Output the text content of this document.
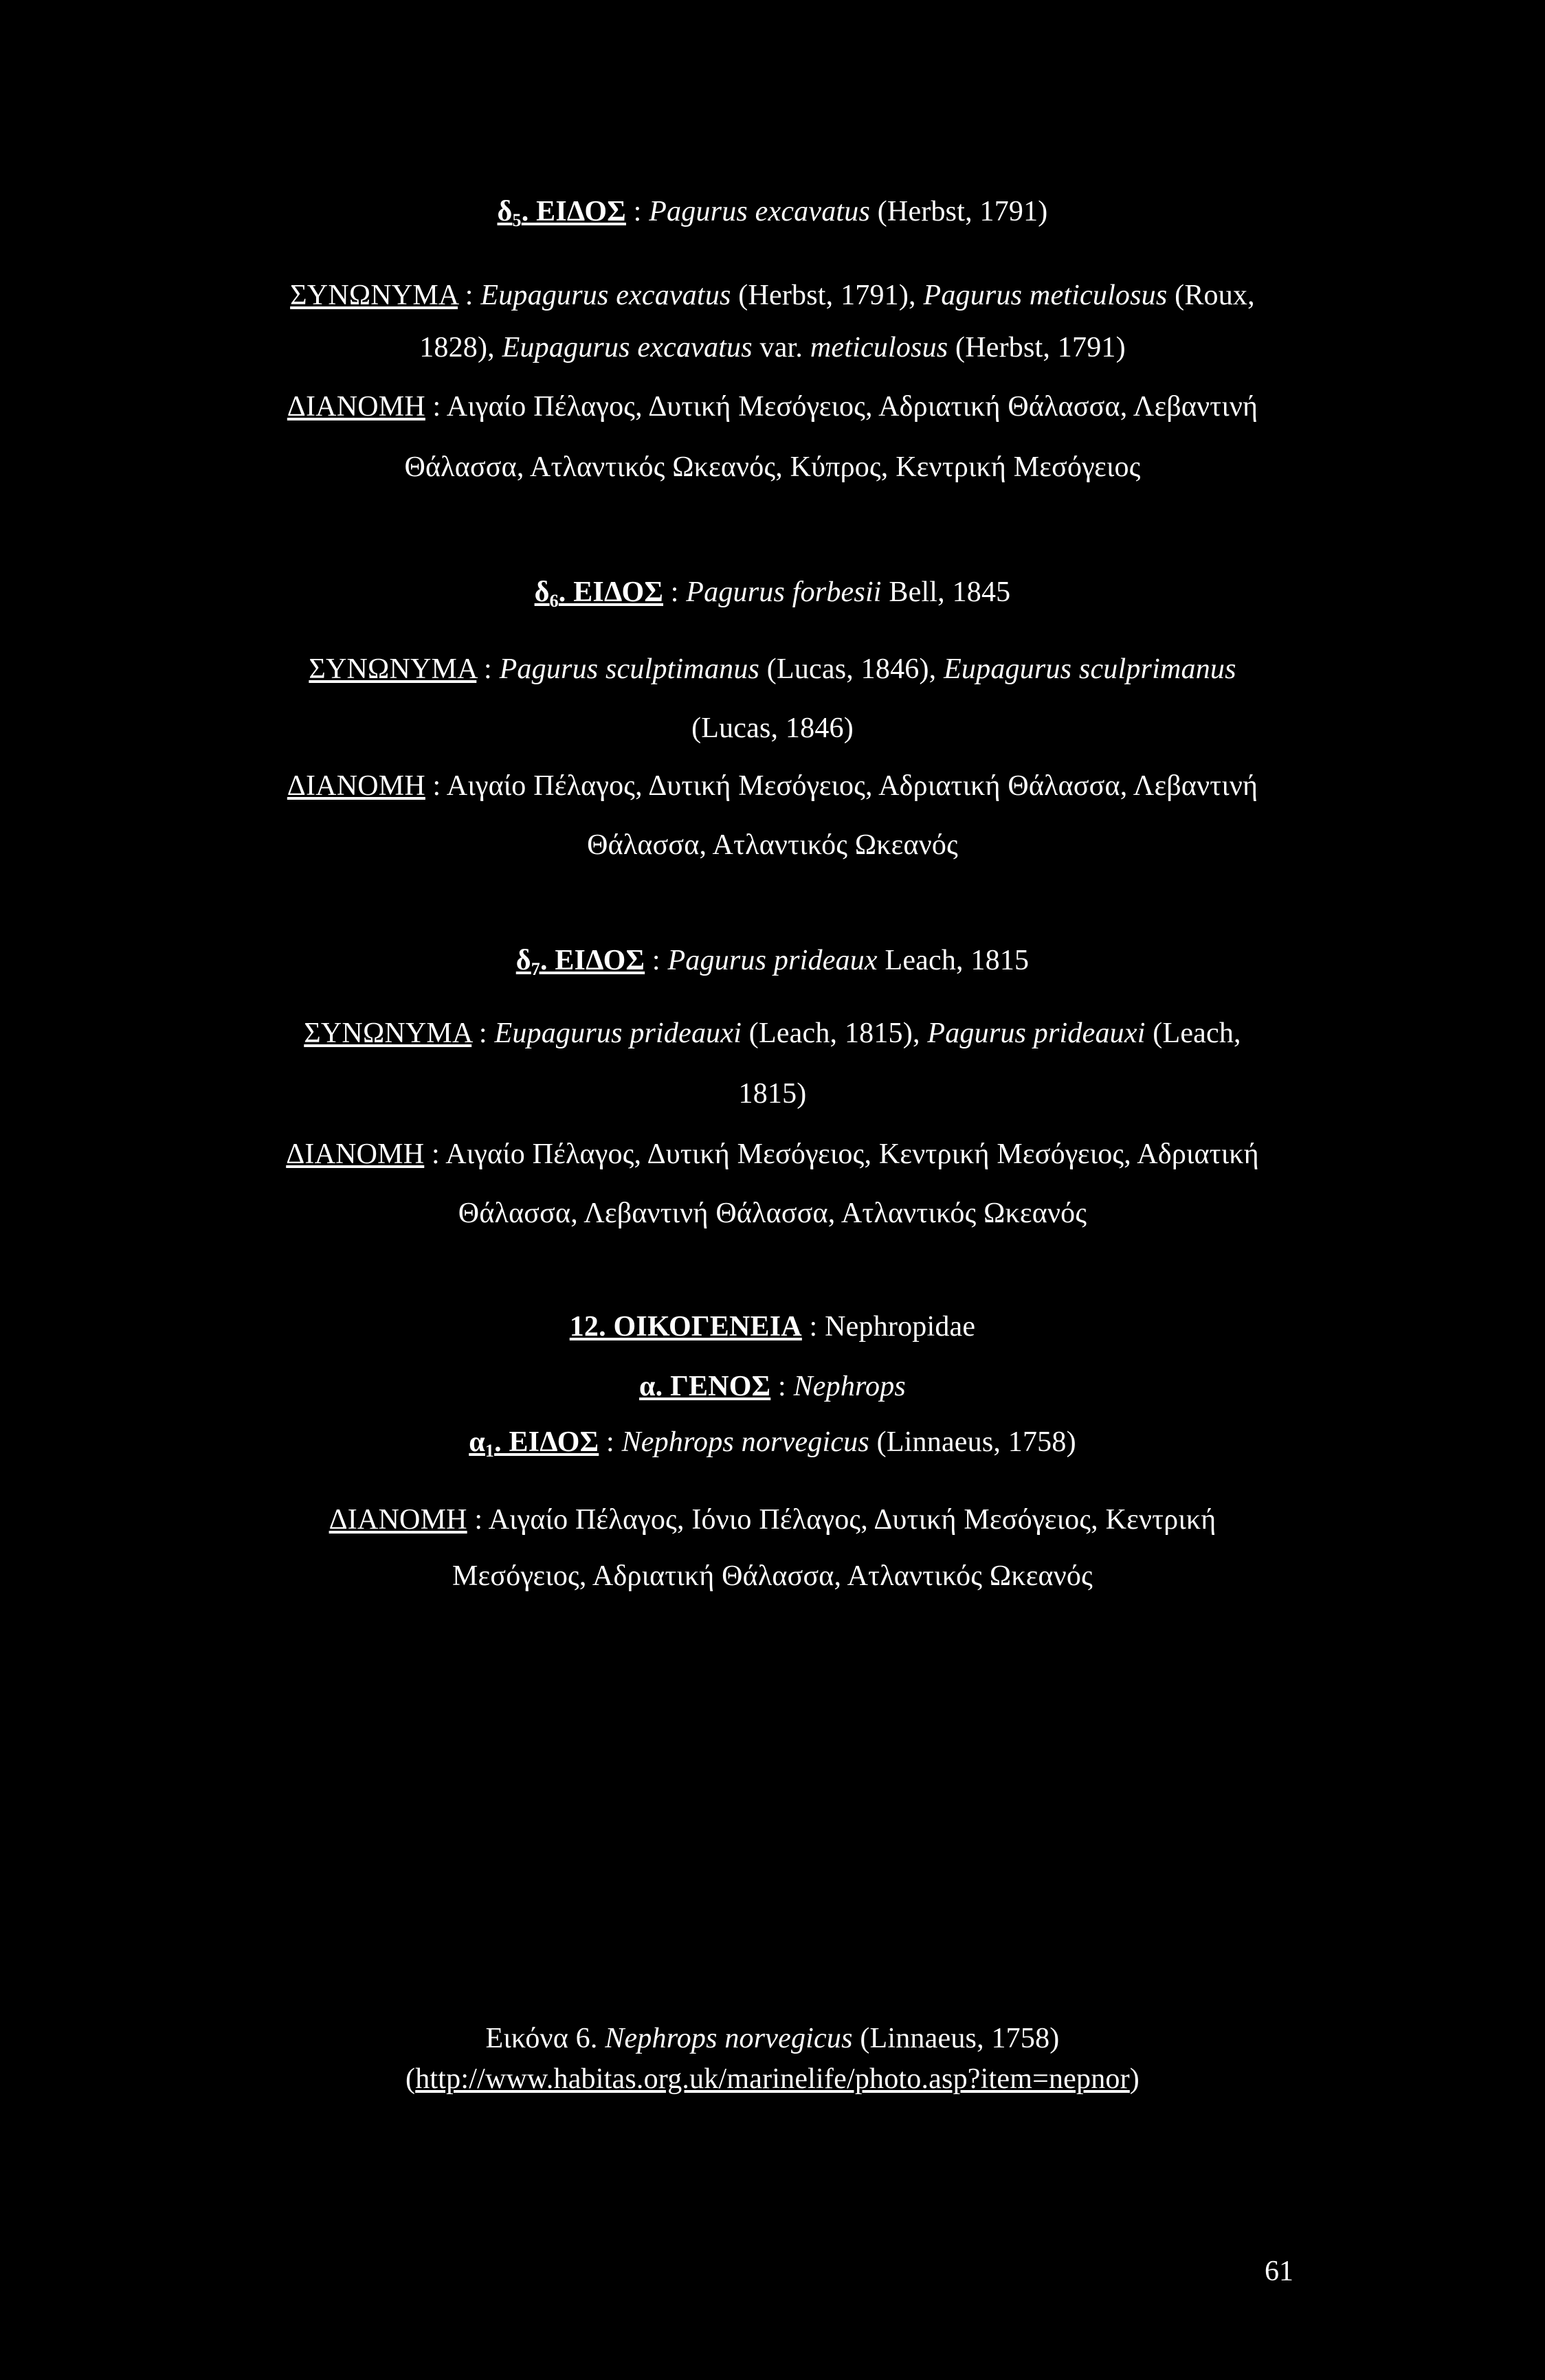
$\delta_5$. ΕΙΔΟΣ : Pagurus excavatus (Herbst, 1791)
ΣΥΝΩΝΥΜΑ : Eupagurus excavatus (Herbst, 1791), Pagurus meticulosus (Roux,
1828), Eupagurus excavatus var. meticulosus (Herbst, 1791)
ΔΙΑΝΟΜΗ : Αιγαίο Πέλαγος, Δυτική Μεσόγειος, Αδριατική Θάλασσα, Λεβαντινή
Θάλασσα, Ατλαντικός Ωκεανός, Κύπρος, Κεντρική Μεσόγειος
$\delta_6$. ΕΙΔΟΣ : Pagurus forbesii Bell, 1845
ΣΥΝΩΝΥΜΑ : Pagurus sculptimanus (Lucas, 1846), Eupagurus sculprimanus
(Lucas, 1846)
ΔΙΑΝΟΜΗ : Αιγαίο Πέλαγος, Δυτική Μεσόγειος, Αδριατική Θάλασσα, Λεβαντινή
Θάλασσα, Ατλαντικός Ωκεανός
$\delta_7$. ΕΙΔΟΣ : Pagurus prideaux Leach, 1815
ΣΥΝΩΝΥΜΑ : Eupagurus prideauxi (Leach, 1815), Pagurus prideauxi (Leach,
1815)
ΔΙΑΝΟΜΗ : Αιγαίο Πέλαγος, Δυτική Μεσόγειος, Κεντρική Μεσόγειος, Αδριατική
Θάλασσα, Λεβαντινή Θάλασσα, Ατλαντικός Ωκεανός
12. ΟΙΚΟΓΕΝΕΙΑ : Nephropidae
α. ΓΕΝΟΣ : Nephrops
$\alpha_1$. ΕΙΔΟΣ : Nephrops norvegicus (Linnaeus, 1758)
ΔΙΑΝΟΜΗ : Αιγαίο Πέλαγος, Ιόνιο Πέλαγος, Δυτική Μεσόγειος, Κεντρική
Μεσόγειος, Αδριατική Θάλασσα, Ατλαντικός Ωκεανός
Εικόνα 6. Nephrops norvegicus (Linnaeus, 1758)
(http://www.habitas.org.uk/marinelife/photo.asp?item=nepnor)
61
